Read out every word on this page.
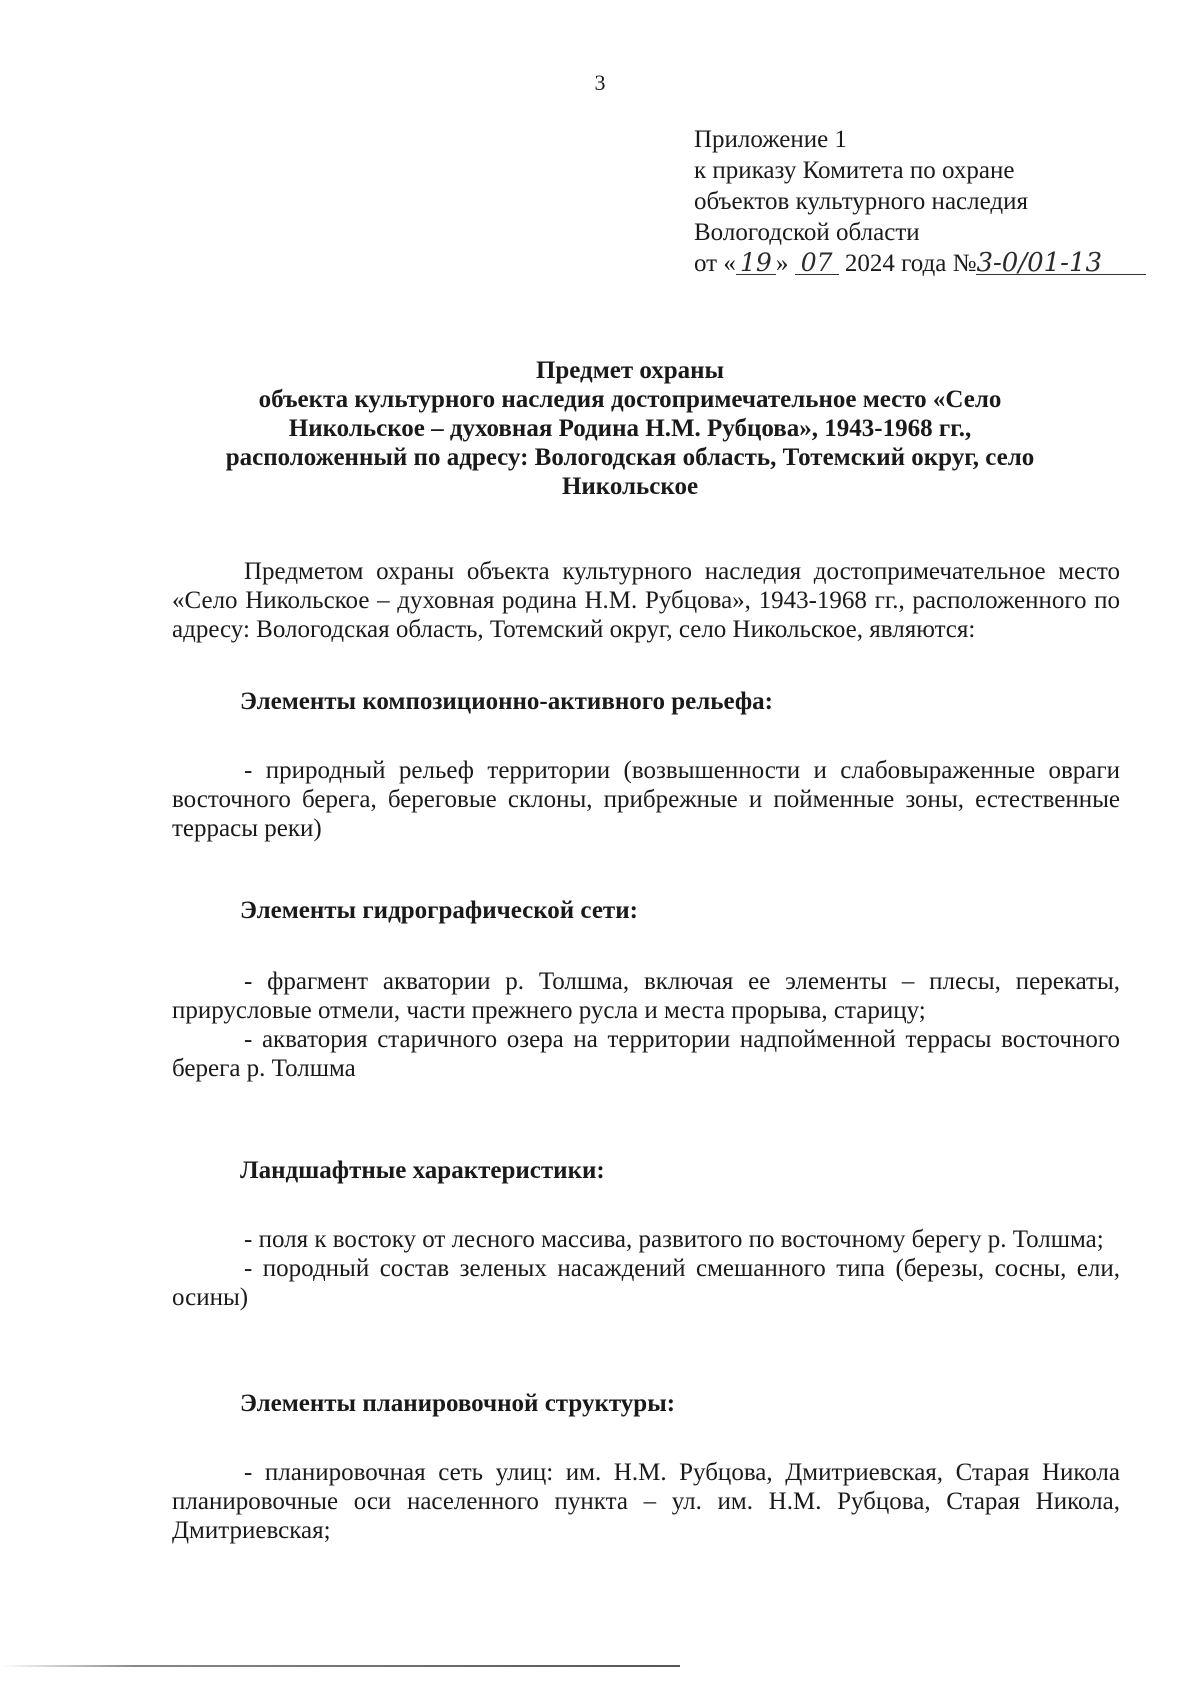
3
Приложение 1
к приказу Комитета по охране
объектов культурного наследия
Вологодской области
от « 19 » 07 2024 года №3-0/01-13
Предмет охраны
объекта культурного наследия достопримечательное место «Село
Никольское – духовная Родина Н.М. Рубцова», 1943-1968 гг.,
расположенный по адресу: Вологодская область, Тотемский округ, село
Никольское
Предметом охраны объекта культурного наследия достопримечательное место «Село Никольское – духовная родина Н.М. Рубцова», 1943-1968 гг., расположенного по адресу: Вологодская область, Тотемский округ, село Никольское, являются:
Элементы композиционно-активного рельефа:

- природный рельеф территории (возвышенности и слабовыраженные овраги восточного берега, береговые склоны, прибрежные и пойменные зоны, естественные террасы реки)

Элементы гидрографической сети:

- фрагмент акватории р. Толшма, включая ее элементы – плесы, перекаты, прирусловые отмели, части прежнего русла и места прорыва, старицу;

- акватория старичного озера на территории надпойменной террасы восточного берега р. Толшма

Ландшафтные характеристики:

- поля к востоку от лесного массива, развитого по восточному берегу р. Толшма;

- породный состав зеленых насаждений смешанного типа (березы, сосны, ели, осины)

Элементы планировочной структуры:

- планировочная сеть улиц: им. Н.М. Рубцова, Дмитриевская, Старая Никола планировочные оси населенного пункта – ул. им. Н.М. Рубцова, Старая Никола, Дмитриевская;
